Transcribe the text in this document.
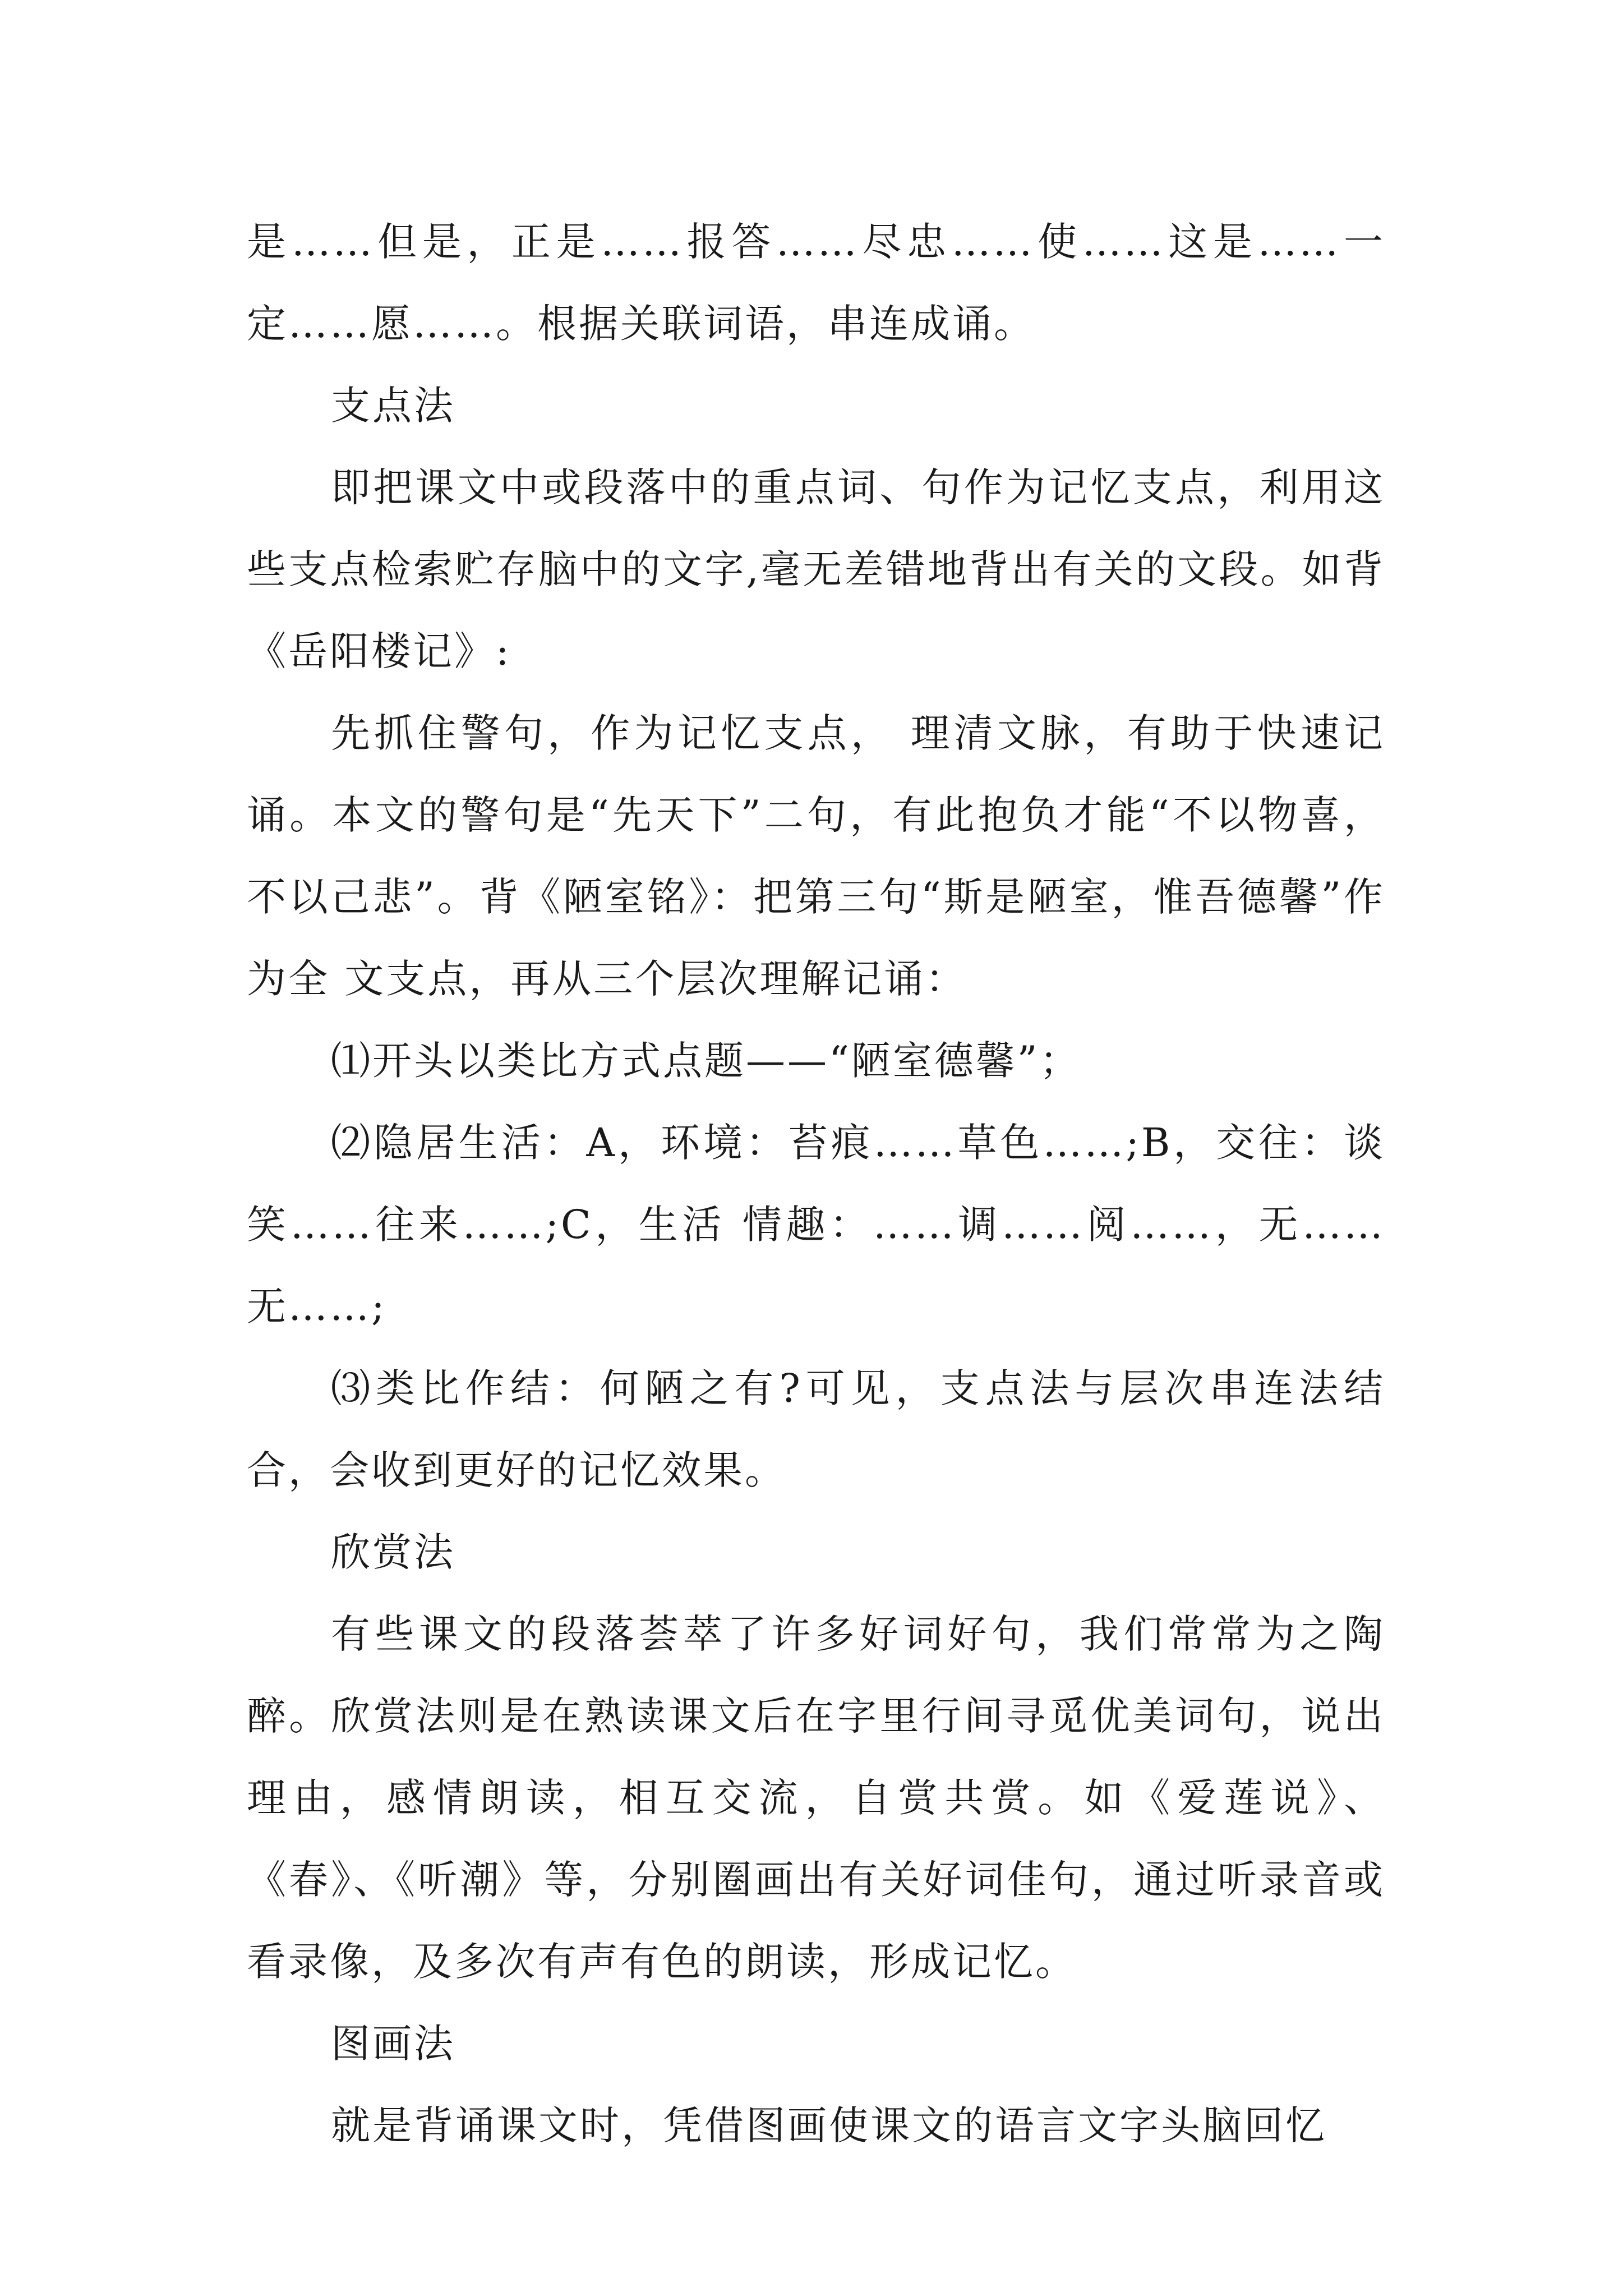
是……但是，正是……报答……尽忠……使……这是……一定……愿……。根据关联词语，串连成诵。

支点法

即把课文中或段落中的重点词、句作为记忆支点，利用这些支点检索贮存脑中的文字,毫无差错地背出有关的文段。如背《岳阳楼记》:

先抓住警句，作为记忆支点， 理清文脉，有助于快速记诵。本文的警句是“先天下”二句，有此抱负才能“不以物喜，不以己悲”。背《陋室铭》：把第三句“斯是陋室，惟吾德馨”作为全 文支点，再从三个层次理解记诵：

⑴开头以类比方式点题——“陋室德馨”；

⑵隐居生活：A，环境：苔痕……草色……;B，交往：谈笑……往来……;C，生活 情趣：……调……阅……，无……无……;

⑶类比作结：何陋之有?可见，支点法与层次串连法结合，会收到更好的记忆效果。

欣赏法

有些课文的段落荟萃了许多好词好句，我们常常为之陶醉。欣赏法则是在熟读课文后在字里行间寻觅优美词句，说出理由，感情朗读，相互交流，自赏共赏。如《爱莲说》、《春》、《听潮》等，分别圈画出有关好词佳句，通过听录音或看录像，及多次有声有色的朗读，形成记忆。

图画法

就是背诵课文时，凭借图画使课文的语言文字头脑回忆
